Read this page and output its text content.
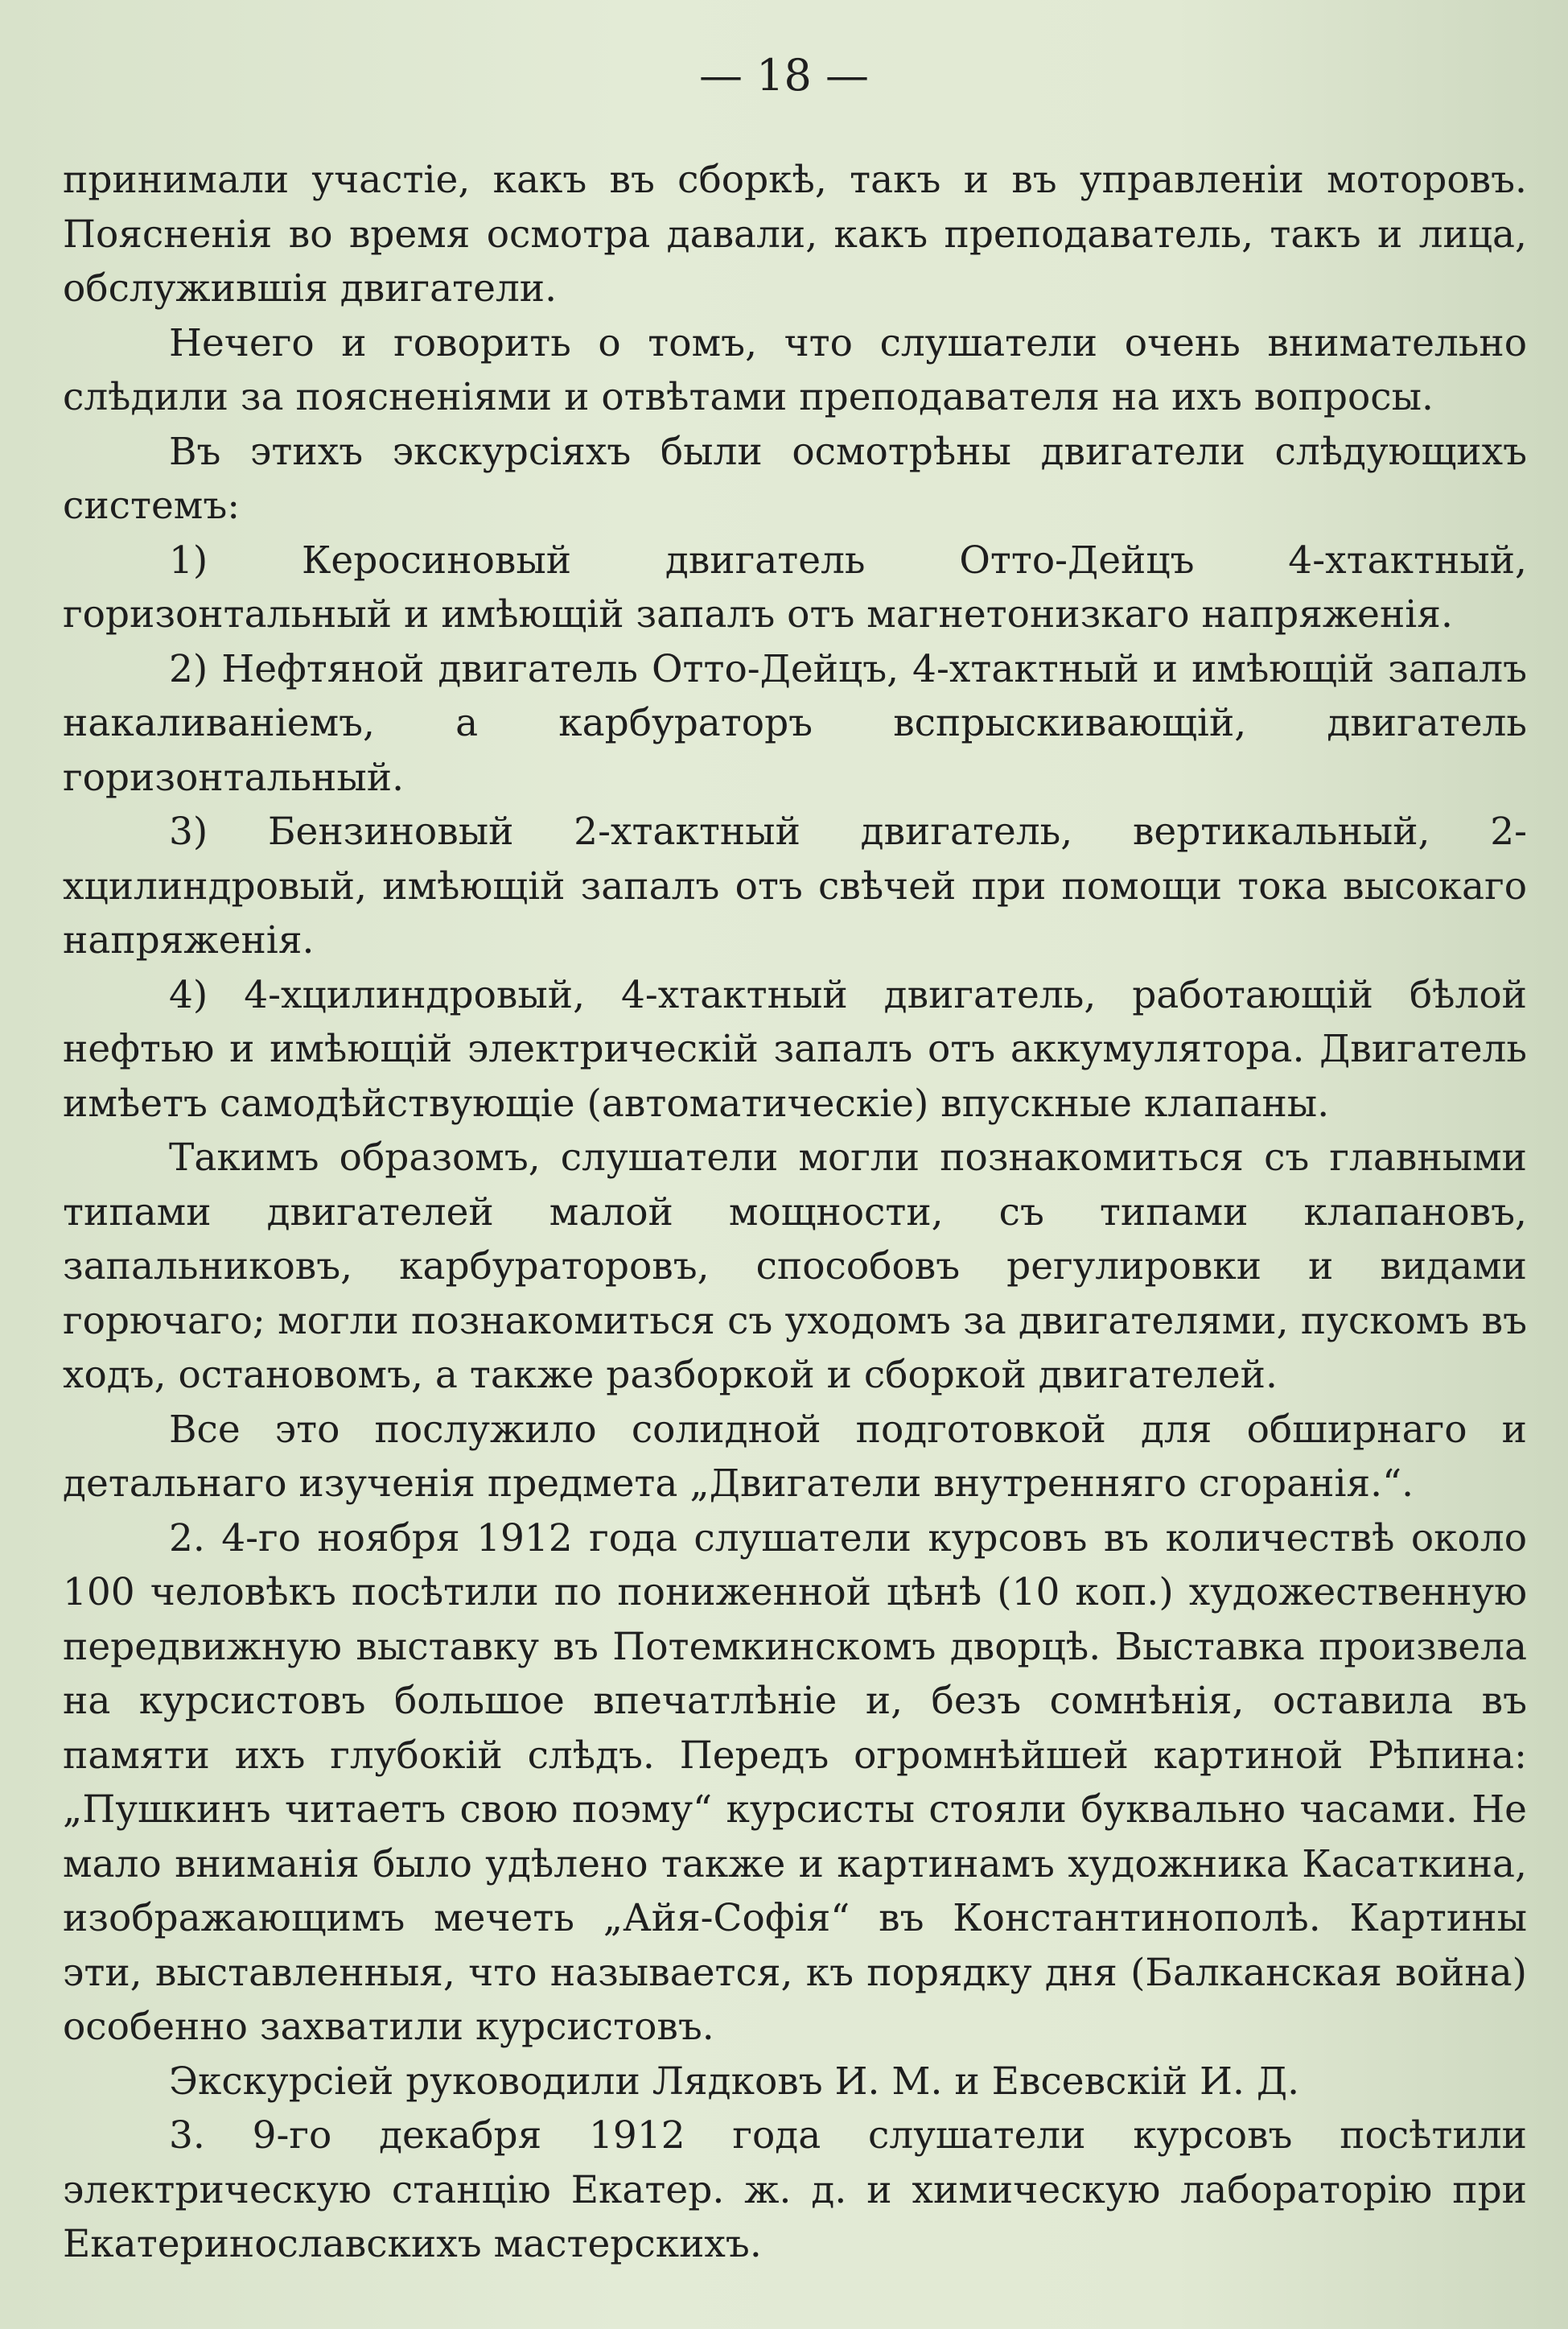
— 18 —

принимали участіе, какъ въ сборкѣ, такъ и въ управленіи моторовъ. Поясненія во время осмотра давали, какъ преподаватель, такъ и лица, обслужившія двигатели.

Нечего и говорить о томъ, что слушатели очень внимательно слѣдили за поясненіями и отвѣтами преподавателя на ихъ вопросы.

Въ этихъ экскурсіяхъ были осмотрѣны двигатели слѣдующихъ системъ:

1) Керосиновый двигатель Отто-Дейцъ 4-хтактный, горизонтальный и имѣющій запалъ отъ магнетонизкаго напряженія.

2) Нефтяной двигатель Отто-Дейцъ, 4-хтактный и имѣющій запалъ накаливаніемъ, а карбураторъ вспрыскивающій, двигатель горизонтальный.

3) Бензиновый 2-хтактный двигатель, вертикальный, 2-хцилиндровый, имѣющій запалъ отъ свѣчей при помощи тока высокаго напряженія.

4) 4-хцилиндровый, 4-хтактный двигатель, работающій бѣлой нефтью и имѣющій электрическій запалъ отъ аккумулятора. Двигатель имѣетъ самодѣйствующіе (автоматическіе) впускные клапаны.

Такимъ образомъ, слушатели могли познакомиться съ главными типами двигателей малой мощности, съ типами клапановъ, запальниковъ, карбураторовъ, способовъ регулировки и видами горючаго; могли познакомиться съ уходомъ за двигателями, пускомъ въ ходъ, остановомъ, а также разборкой и сборкой двигателей.

Все это послужило солидной подготовкой для обширнаго и детальнаго изученія предмета „Двигатели внутренняго сгоранія.“.

2. 4-го ноября 1912 года слушатели курсовъ въ количествѣ около 100 человѣкъ посѣтили по пониженной цѣнѣ (10 коп.) художественную передвижную выставку въ Потемкинскомъ дворцѣ. Выставка произвела на курсистовъ большое впечатлѣніе и, безъ сомнѣнія, оставила въ памяти ихъ глубокій слѣдъ. Передъ огромнѣйшей картиной Рѣпина: „Пушкинъ читаетъ свою поэму“ курсисты стояли буквально часами. Не мало вниманія было удѣлено также и картинамъ художника Касаткина, изображающимъ мечеть „Айя-Софія“ въ Константинополѣ. Картины эти, выставленныя, что называется, къ порядку дня (Балканская война) особенно захватили курсистовъ.

Экскурсіей руководили Лядковъ И. М. и Евсевскій И. Д.

3. 9-го декабря 1912 года слушатели курсовъ посѣтили электрическую станцію Екатер. ж. д. и химическую лабораторію при Екатеринославскихъ мастерскихъ.
